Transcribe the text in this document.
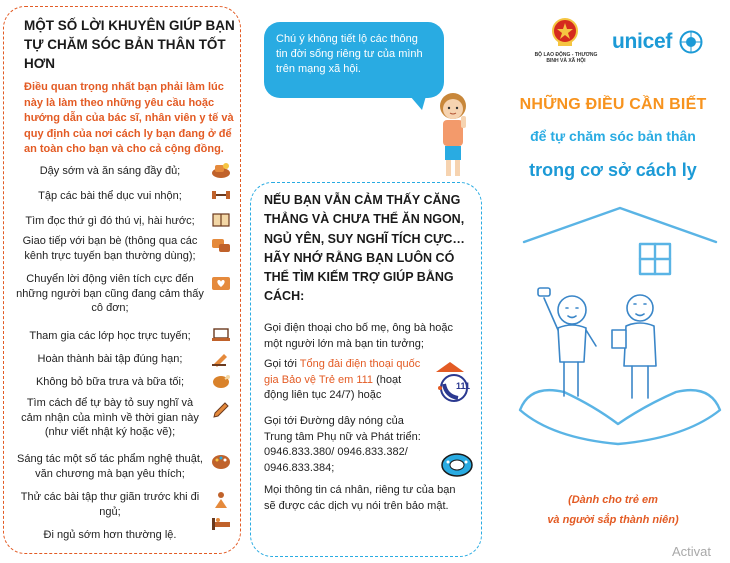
MỘT SỐ LỜI KHUYÊN GIÚP BẠN TỰ CHĂM SÓC BẢN THÂN TỐT HƠN
Điều quan trọng nhất bạn phải làm lúc này là làm theo những yêu cầu hoặc hướng dẫn của bác sĩ, nhân viên y tế và quy định của nơi cách ly bạn đang ở để an toàn cho bạn và cho cả cộng đồng.
Dậy sớm và ăn sáng đầy đủ;
Tập các bài thể dục vui nhộn;
Tìm đọc thứ gì đó thú vị, hài hước;
Giao tiếp với bạn bè (thông qua các kênh trực tuyến bạn thường dùng);
Chuyển lời động viên tích cực đến những người bạn cũng đang cảm thấy cô đơn;
Tham gia các lớp học trực tuyến;
Hoàn thành bài tập đúng hạn;
Không bỏ bữa trưa và bữa tối;
Tìm cách để tự bày tỏ suy nghĩ và cảm nhận của mình về thời gian này (như viết nhật ký hoặc vẽ);
Sáng tác một số tác phẩm nghệ thuật, văn chương mà bạn yêu thích;
Thử các bài tập thư giãn trước khi đi ngủ;
Đi ngủ sớm hơn thường lệ.
Chú ý không tiết lộ các thông tin đời sống riêng tư của mình trên mạng xã hội.
NẾU BẠN VẪN CẢM THẤY CĂNG THẲNG VÀ CHƯA THỂ ĂN NGON, NGỦ YÊN, SUY NGHĨ TÍCH CỰC… HÃY NHỚ RẰNG BẠN LUÔN CÓ THỂ TÌM KIẾM TRỢ GIÚP BẰNG CÁCH:
Gọi điện thoại cho bố mẹ, ông bà hoặc một người lớn mà bạn tin tưởng;
Gọi tới Tổng đài điện thoại quốc gia Bảo vệ Trẻ em 111 (hoạt động liên tục 24/7) hoặc
111
Gọi tới Đường dây nóng của Trung tâm Phụ nữ và Phát triển: 0946.833.380/ 0946.833.382/ 0946.833.384;
Mọi thông tin cá nhân, riêng tư của bạn sẽ được các dịch vụ nói trên bảo mật.
BỘ LAO ĐỘNG - THƯƠNG BINH VÀ XÃ HỘI
unicef
NHỮNG ĐIỀU CẦN BIẾT
để tự chăm sóc bản thân
trong cơ sở cách ly
(Dành cho trẻ em
và người sắp thành niên)
Activat
